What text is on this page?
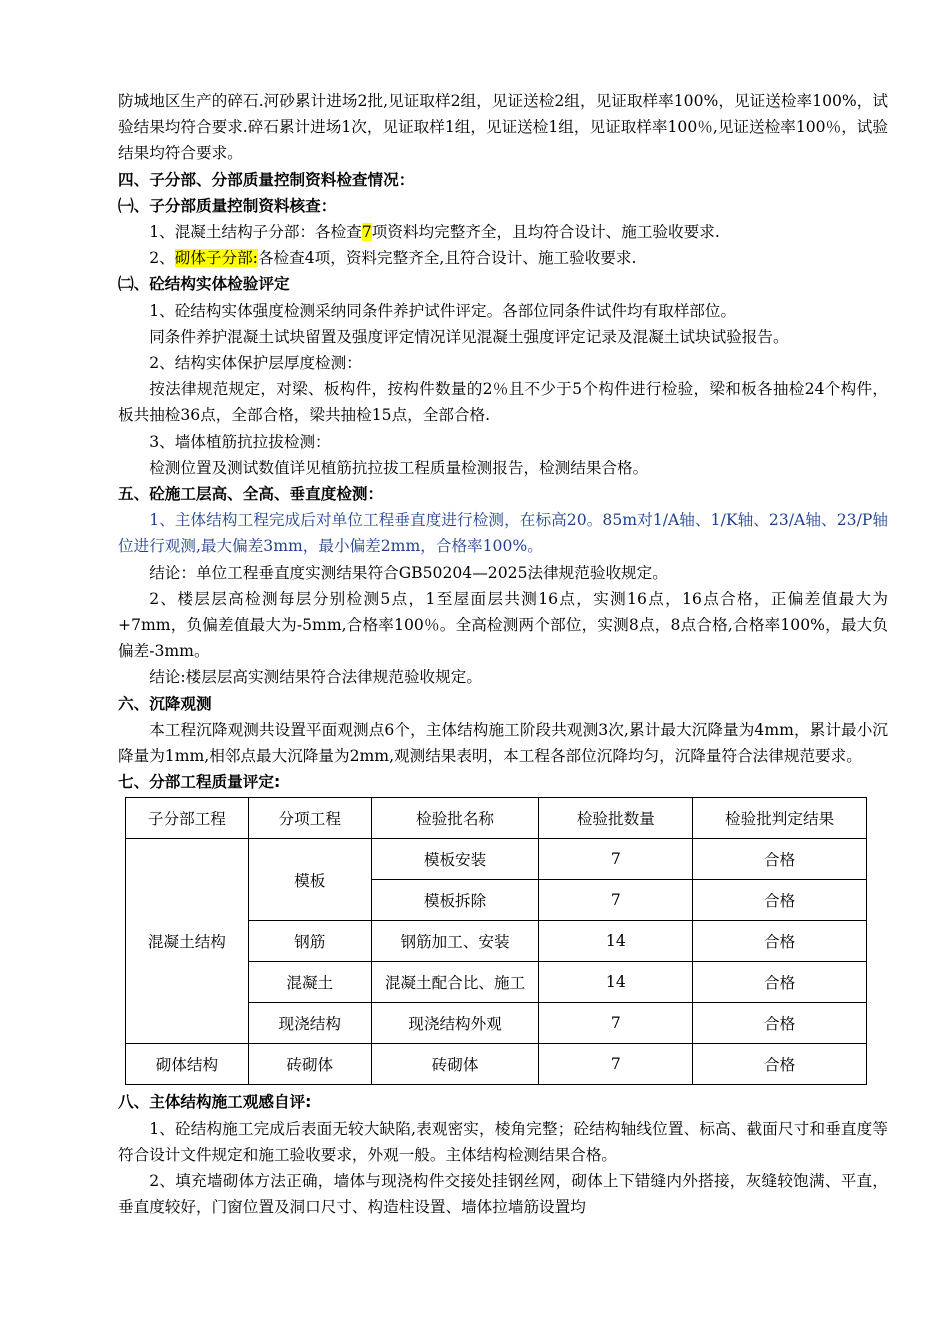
防城地区生产的碎石.河砂累计进场2批,见证取样2组，见证送检2组，见证取样率100%，见证送检率100%，试验结果均符合要求.碎石累计进场1次，见证取样1组，见证送检1组，见证取样率100％,见证送检率100％，试验结果均符合要求。

四、子分部、分部质量控制资料检查情况：

㈠、子分部质量控制资料核查：

1、混凝土结构子分部：各检查7项资料均完整齐全，且均符合设计、施工验收要求.

2、砌体子分部:各检查4项，资料完整齐全,且符合设计、施工验收要求.

㈡、砼结构实体检验评定

1、砼结构实体强度检测采纳同条件养护试件评定。各部位同条件试件均有取样部位。

同条件养护混凝土试块留置及强度评定情况详见混凝土强度评定记录及混凝土试块试验报告。

2、结构实体保护层厚度检测：

按法律规范规定，对梁、板构件，按构件数量的2％且不少于5个构件进行检验，梁和板各抽检24个构件，板共抽检36点，全部合格，梁共抽检15点，全部合格.

3、墙体植筋抗拉拔检测：

检测位置及测试数值详见植筋抗拉拔工程质量检测报告，检测结果合格。

五、砼施工层高、全高、垂直度检测：

1、主体结构工程完成后对单位工程垂直度进行检测，在标高20。85m对1/A轴、1/K轴、23/A轴、23/P轴位进行观测,最大偏差3mm，最小偏差2mm，合格率100%。

结论：单位工程垂直度实测结果符合GB50204—2025法律规范验收规定。

2、楼层层高检测每层分别检测5点，1至屋面层共测16点，实测16点，16点合格，正偏差值最大为+7mm，负偏差值最大为-5mm,合格率100％。全高检测两个部位，实测8点，8点合格,合格率100%，最大负偏差-3mm。

结论:楼层层高实测结果符合法律规范验收规定。

六、沉降观测

本工程沉降观测共设置平面观测点6个，主体结构施工阶段共观测3次,累计最大沉降量为4mm，累计最小沉降量为1mm,相邻点最大沉降量为2mm,观测结果表明，本工程各部位沉降均匀，沉降量符合法律规范要求。

七、分部工程质量评定:

子分部工程	分项工程	检验批名称	检验批数量	检验批判定结果
混凝土结构	模板	模板安装	7	合格
		模板拆除	7	合格
	钢筋	钢筋加工、安装	14	合格
	混凝土	混凝土配合比、施工	14	合格
	现浇结构	现浇结构外观	7	合格
砌体结构	砖砌体	砖砌体	7	合格

八、主体结构施工观感自评:

1、砼结构施工完成后表面无较大缺陷,表观密实，棱角完整；砼结构轴线位置、标高、截面尺寸和垂直度等符合设计文件规定和施工验收要求，外观一般。主体结构检测结果合格。

2、填充墙砌体方法正确，墙体与现浇构件交接处挂钢丝网，砌体上下错缝内外搭接，灰缝较饱满、平直，垂直度较好，门窗位置及洞口尺寸、构造柱设置、墙体拉墙筋设置均
